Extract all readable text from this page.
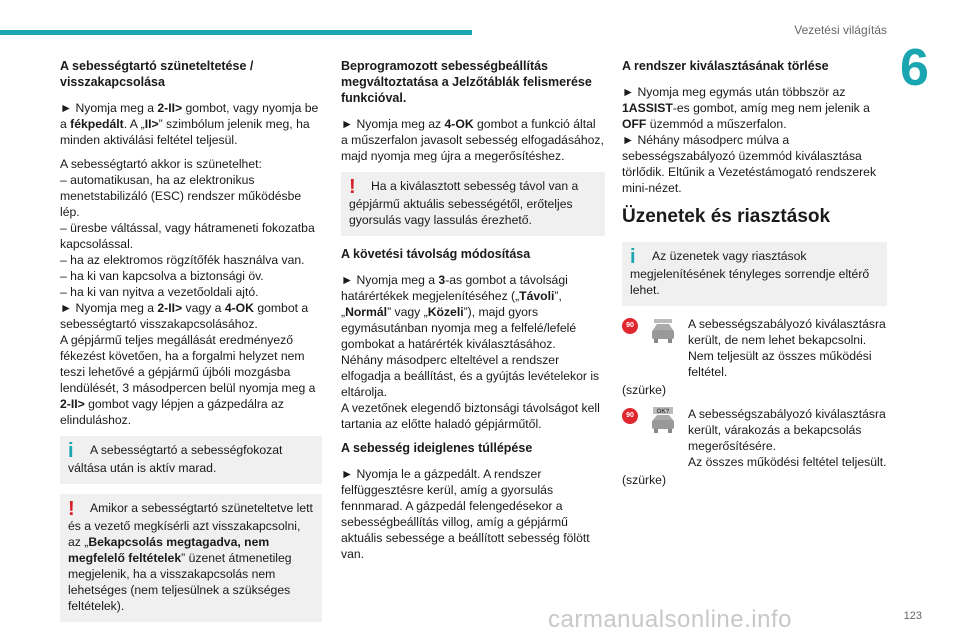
Vezetési világítás
6
A sebességtartó szüneteltetése / visszakapcsolása

► Nyomja meg a 2-II> gombot, vagy nyomja be a fékpedált. A „II>” szimbólum jelenik meg, ha minden aktiválási feltétel teljesül.

A sebességtartó akkor is szünetelhet:

– automatikusan, ha az elektronikus menetstabilizáló (ESC) rendszer működésbe lép.

– üresbe váltással, vagy hátrameneti fokozatba kapcsolással.

– ha az elektromos rögzítőfék használva van.

– ha ki van kapcsolva a biztonsági öv.

– ha ki van nyitva a vezetőoldali ajtó.

► Nyomja meg a 2-II> vagy a 4-OK gombot a sebességtartó visszakapcsolásához.

A gépjármű teljes megállását eredményező fékezést követően, ha a forgalmi helyzet nem teszi lehetővé a gépjármű újbóli mozgásba lendülését, 3 másodpercen belül nyomja meg a 2-II> gombot vagy lépjen a gázpedálra az elinduláshoz.

i A sebességtartó a sebességfokozat váltása után is aktív marad.
! Amikor a sebességtartó szüneteltetve lett és a vezető megkísérli azt visszakapcsolni, az „Bekapcsolás megtagadva, nem megfelelő feltételek” üzenet átmenetileg megjelenik, ha a visszakapcsolás nem lehetséges (nem teljesülnek a szükséges feltételek).
Beprogramozott sebességbeállítás megváltoztatása a Jelzőtáblák felismerése funkcióval.

► Nyomja meg az 4-OK gombot a funkció által a műszerfalon javasolt sebesség elfogadásához, majd nyomja meg újra a megerősítéshez.

! Ha a kiválasztott sebesség távol van a gépjármű aktuális sebességétől, erőteljes gyorsulás vagy lassulás érezhető.
A követési távolság módosítása

► Nyomja meg a 3-as gombot a távolsági határértékek megjelenítéséhez („Távoli”, „Normál” vagy „Közeli”), majd gyors egymásutánban nyomja meg a felfelé/lefelé gombokat a határérték kiválasztásához.

Néhány másodperc elteltével a rendszer elfogadja a beállítást, és a gyújtás levételekor is eltárolja.

A vezetőnek elegendő biztonsági távolságot kell tartania az előtte haladó gépjárműtől.

A sebesség ideiglenes túllépése

► Nyomja le a gázpedált. A rendszer felfüggesztésre kerül, amíg a gyorsulás fennmarad. A gázpedál felengedésekor a sebességbeállítás villog, amíg a gépjármű aktuális sebessége a beállított sebesség fölött van.

A rendszer kiválasztásának törlése

► Nyomja meg egymás után többször az 1ASSIST-es gombot, amíg meg nem jelenik a OFF üzemmód a műszerfalon.

► Néhány másodperc múlva a sebességszabályozó üzemmód kiválasztása törlődik. Eltűnik a Vezetéstámogató rendszerek mini-nézet.

Üzenetek és riasztások
i Az üzenetek vagy riasztások megjelenítésének tényleges sorrendje eltérő lehet.
90	A sebességszabályozó kiválasztásra került, de nem lehet bekapcsolni.
Nem teljesült az összes működési feltétel.

(szürke)

90	OK? A sebességszabályozó kiválasztásra került, várakozás a bekapcsolás megerősítésére.
Az összes működési feltétel teljesült.

(szürke)

carmanualsonline.info	123
